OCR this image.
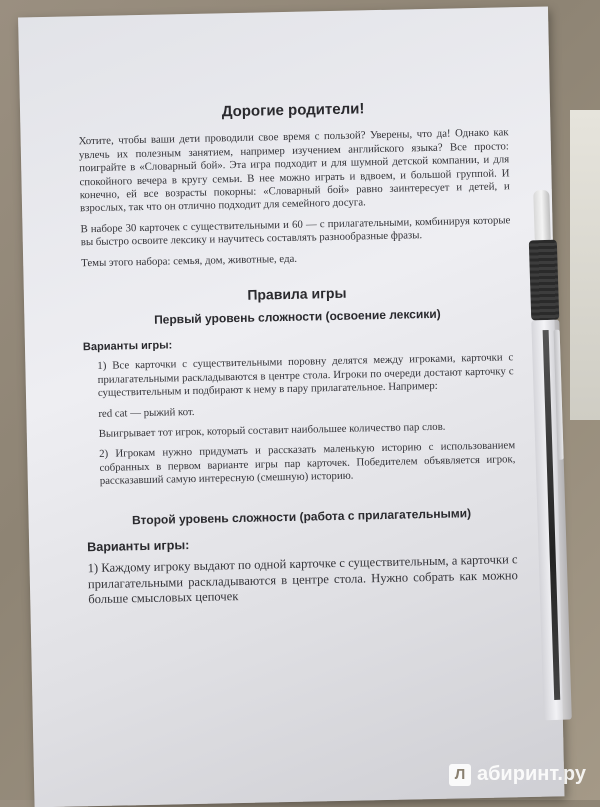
Дорогие родители!

Хотите, чтобы ваши дети проводили свое время с пользой? Уверены, что да! Однако как увлечь их полезным занятием, например изучением английского языка? Все просто: поиграйте в «Словарный бой». Эта игра подходит и для шумной детской компании, и для спокойного вечера в кругу семьи. В нее можно играть и вдвоем, и большой группой. И конечно, ей все возрасты покорны: «Словарный бой» равно заинтересует и детей, и взрослых, так что он отлично подходит для семейного досуга.

В наборе 30 карточек с существительными и 60 — с прилагательными, комбинируя которые вы быстро освоите лексику и научитесь составлять разнообразные фразы.

Темы этого набора: семья, дом, животные, еда.

Правила игры
Первый уровень сложности (освоение лексики)
Варианты игры:

1) Все карточки с существительными поровну делятся между игроками, карточки с прилагательными раскладываются в центре стола. Игроки по очереди достают карточку с существительным и подбирают к нему в пару прилагательное. Например:

red cat — рыжий кот.

Выигрывает тот игрок, который составит наибольшее количество пар слов.

2) Игрокам нужно придумать и рассказать маленькую историю с использованием собранных в первом варианте игры пар карточек. Победителем объявляется игрок, рассказавший самую интересную (смешную) историю.

Второй уровень сложности (работа с прилагательными)
Варианты игры:

1) Каждому игроку выдают по одной карточке с существительным, а карточки с прилагательными раскладываются в центре стола. Нужно собрать как можно больше смысловых цепочек

Л абиринт.ру
